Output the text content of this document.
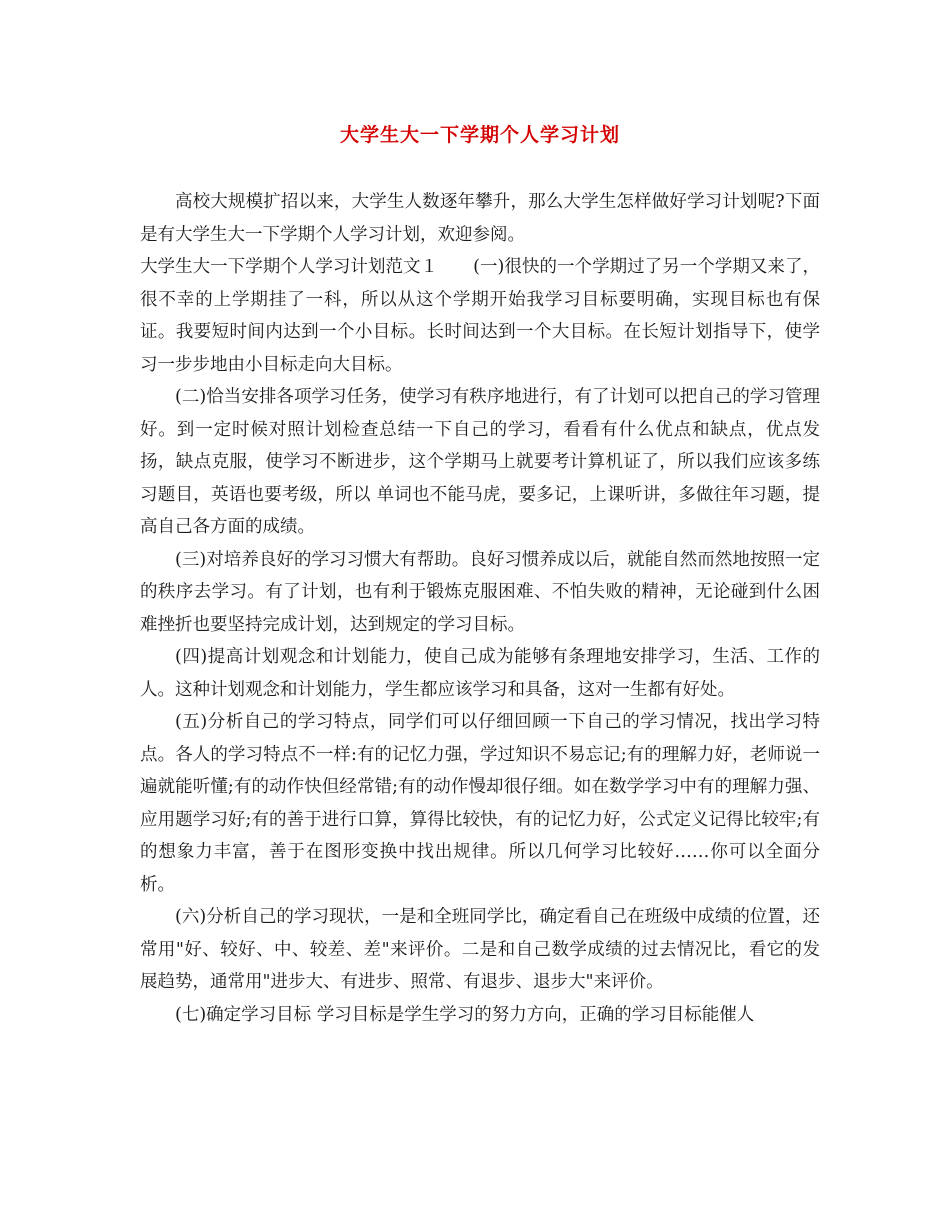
大学生大一下学期个人学习计划

高校大规模扩招以来，大学生人数逐年攀升，那么大学生怎样做好学习计划呢?下面是有大学生大一下学期个人学习计划，欢迎参阅。

大学生大一下学期个人学习计划范文１　　(一)很快的一个学期过了另一个学期又来了，很不幸的上学期挂了一科，所以从这个学期开始我学习目标要明确，实现目标也有保证。我要短时间内达到一个小目标。长时间达到一个大目标。在长短计划指导下，使学习一步步地由小目标走向大目标。

(二)恰当安排各项学习任务，使学习有秩序地进行，有了计划可以把自己的学习管理好。到一定时候对照计划检查总结一下自己的学习，看看有什么优点和缺点，优点发扬，缺点克服，使学习不断进步，这个学期马上就要考计算机证了，所以我们应该多练习题目，英语也要考级，所以 单词也不能马虎，要多记，上课听讲，多做往年习题，提高自己各方面的成绩。

(三)对培养良好的学习习惯大有帮助。良好习惯养成以后，就能自然而然地按照一定的秩序去学习。有了计划，也有利于锻炼克服困难、不怕失败的精神，无论碰到什么困难挫折也要坚持完成计划，达到规定的学习目标。

(四)提高计划观念和计划能力，使自己成为能够有条理地安排学习，生活、工作的人。这种计划观念和计划能力，学生都应该学习和具备，这对一生都有好处。

(五)分析自己的学习特点，同学们可以仔细回顾一下自己的学习情况，找出学习特点。各人的学习特点不一样:有的记忆力强，学过知识不易忘记;有的理解力好，老师说一遍就能听懂;有的动作快但经常错;有的动作慢却很仔细。如在数学学习中有的理解力强、应用题学习好;有的善于进行口算，算得比较快，有的记忆力好，公式定义记得比较牢;有的想象力丰富，善于在图形变换中找出规律。所以几何学习比较好……你可以全面分析。

(六)分析自己的学习现状，一是和全班同学比，确定看自己在班级中成绩的位置，还常用"好、较好、中、较差、差"来评价。二是和自己数学成绩的过去情况比，看它的发展趋势，通常用"进步大、有进步、照常、有退步、退步大"来评价。

(七)确定学习目标 学习目标是学生学习的努力方向，正确的学习目标能催人
